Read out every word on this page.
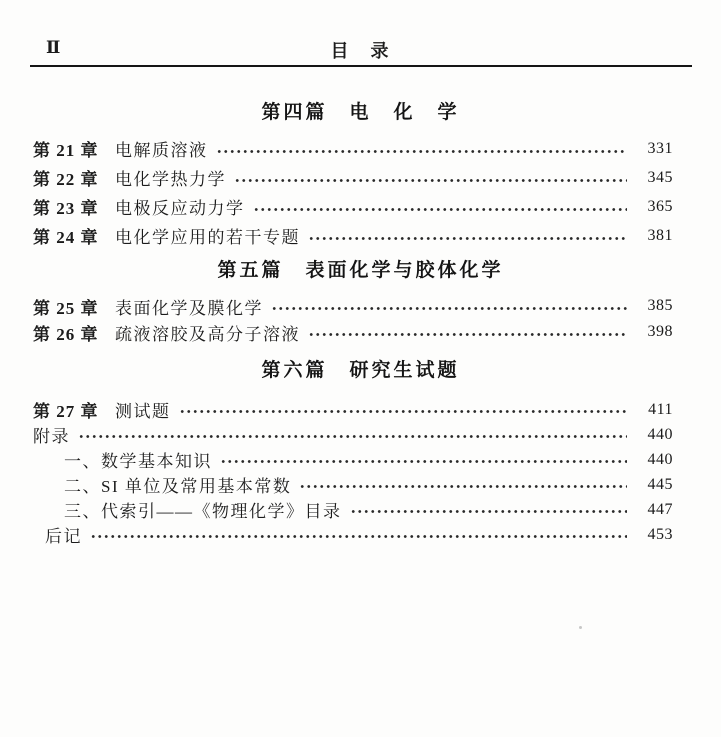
Ⅱ	目　录
第四篇　电　化　学
第 21 章 电解质溶液	331
第 22 章 电化学热力学	345
第 23 章 电极反应动力学	365
第 24 章 电化学应用的若干专题	381
第五篇　表面化学与胶体化学
第 25 章 表面化学及膜化学	385
第 26 章 疏液溶胶及高分子溶液	398
第六篇　研究生试题
第 27 章 测试题	411
附录	440
一、数学基本知识	440
二、SI 单位及常用基本常数	445
三、代索引——《物理化学》目录	447
后记	453
